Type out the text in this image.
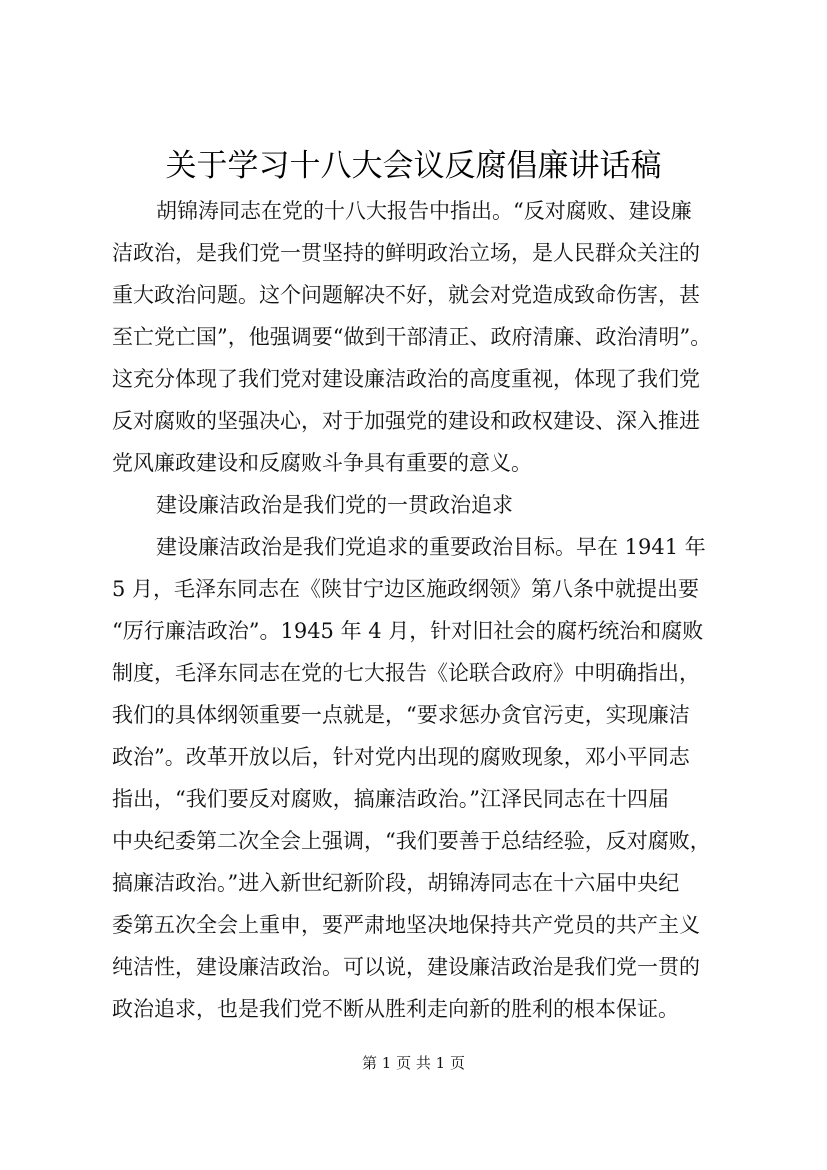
关于学习十八大会议反腐倡廉讲话稿
胡锦涛同志在党的十八大报告中指出。“反对腐败、建设廉
洁政治，是我们党一贯坚持的鲜明政治立场，是人民群众关注的
重大政治问题。这个问题解决不好，就会对党造成致命伤害，甚
至亡党亡国”，他强调要“做到干部清正、政府清廉、政治清明”。
这充分体现了我们党对建设廉洁政治的高度重视，体现了我们党
反对腐败的坚强决心，对于加强党的建设和政权建设、深入推进
党风廉政建设和反腐败斗争具有重要的意义。
建设廉洁政治是我们党的一贯政治追求
建设廉洁政治是我们党追求的重要政治目标。早在 1941 年
5 月，毛泽东同志在《陕甘宁边区施政纲领》第八条中就提出要
“厉行廉洁政治”。1945 年 4 月，针对旧社会的腐朽统治和腐败
制度，毛泽东同志在党的七大报告《论联合政府》中明确指出，
我们的具体纲领重要一点就是，“要求惩办贪官污吏，实现廉洁
政治”。改革开放以后，针对党内出现的腐败现象，邓小平同志
指出，“我们要反对腐败，搞廉洁政治。”江泽民同志在十四届
中央纪委第二次全会上强调，“我们要善于总结经验，反对腐败，
搞廉洁政治。”进入新世纪新阶段，胡锦涛同志在十六届中央纪
委第五次全会上重申，要严肃地坚决地保持共产党员的共产主义
纯洁性，建设廉洁政治。可以说，建设廉洁政治是我们党一贯的
政治追求，也是我们党不断从胜利走向新的胜利的根本保证。
第 1 页 共 1 页
